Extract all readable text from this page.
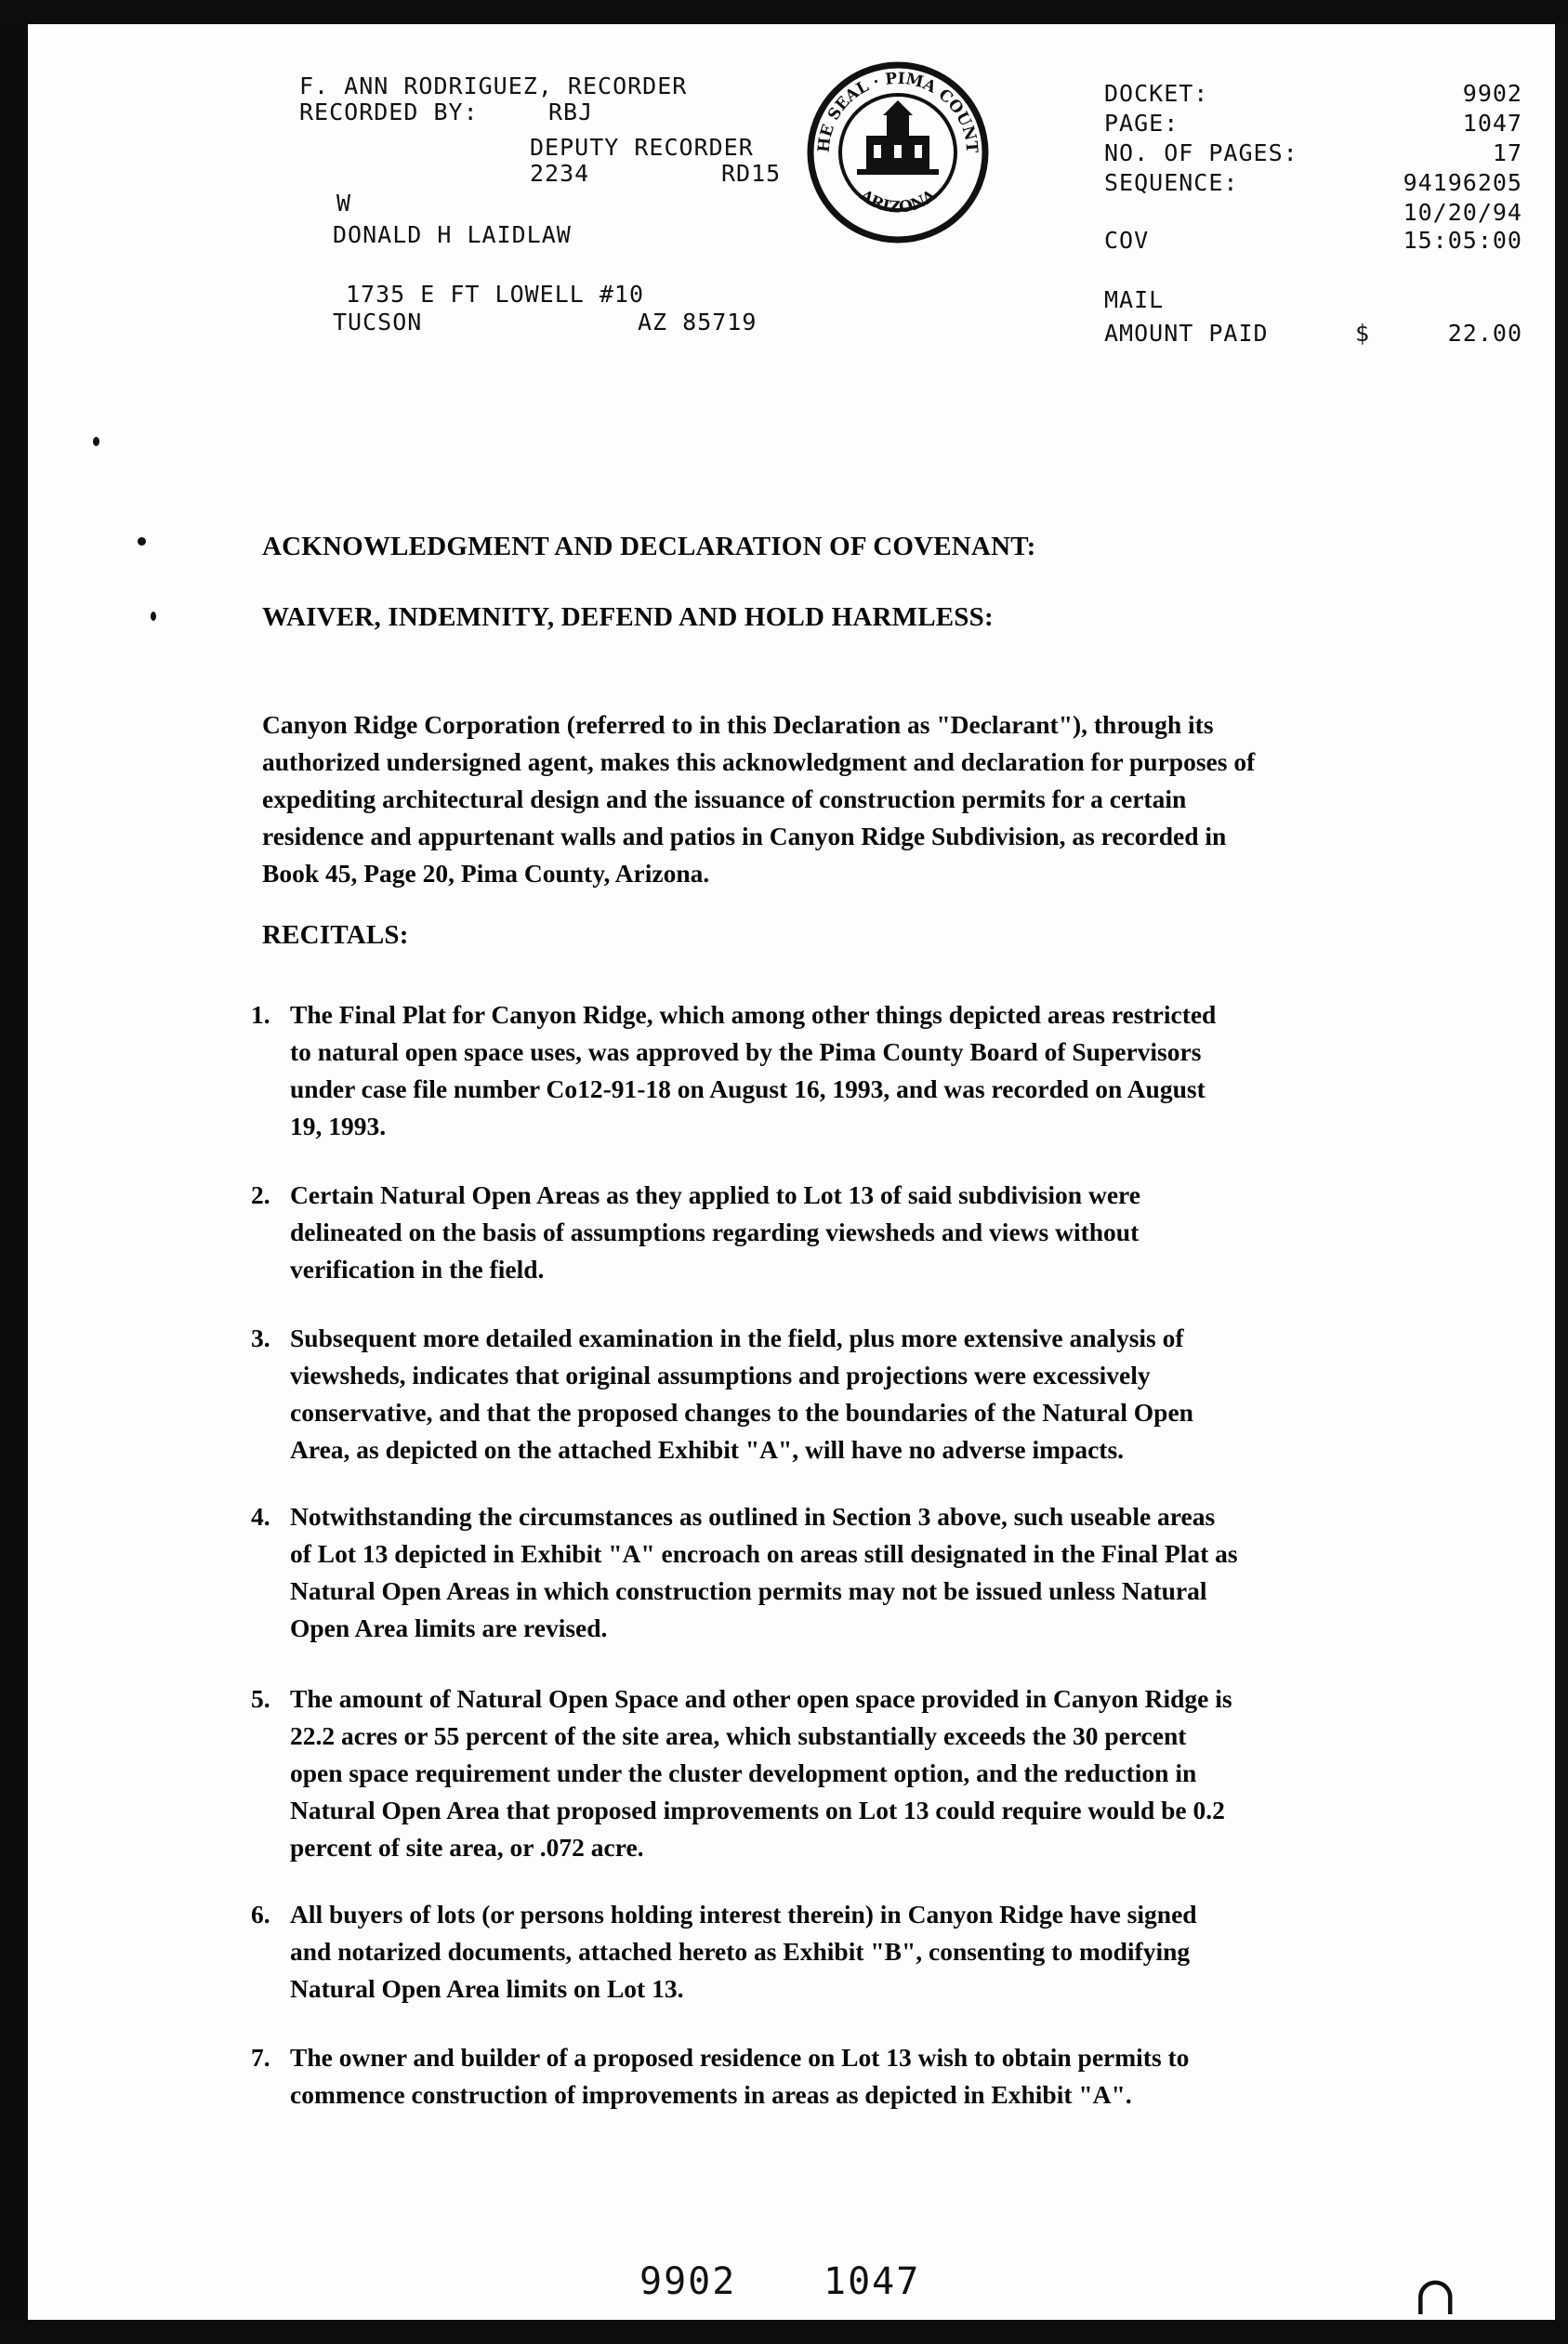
F. ANN RODRIGUEZ, RECORDER
RECORDED BY:	RBJ
DEPUTY RECORDER
2234	RD15
W
DONALD H LAIDLAW
1735 E FT LOWELL #10
TUCSON	AZ 85719
HE SEAL · PIMA COUNT
ARIZONA
DOCKET:	9902
PAGE:	1047
NO. OF PAGES:	17
SEQUENCE:	94196205
10/20/94
COV	15:05:00
MAIL
AMOUNT PAID	$	22.00
ACKNOWLEDGMENT AND DECLARATION OF COVENANT:
WAIVER, INDEMNITY, DEFEND AND HOLD HARMLESS:
Canyon Ridge Corporation (referred to in this Declaration as "Declarant"), through its
authorized undersigned agent, makes this acknowledgment and declaration for purposes of
expediting architectural design and the issuance of construction permits for a certain
residence and appurtenant walls and patios in Canyon Ridge Subdivision, as recorded in
Book 45, Page 20, Pima County, Arizona.
RECITALS:
1. The Final Plat for Canyon Ridge, which among other things depicted areas restricted
to natural open space uses, was approved by the Pima County Board of Supervisors
under case file number Co12-91-18 on August 16, 1993, and was recorded on August
19, 1993.
2. Certain Natural Open Areas as they applied to Lot 13 of said subdivision were
delineated on the basis of assumptions regarding viewsheds and views without
verification in the field.
3. Subsequent more detailed examination in the field, plus more extensive analysis of
viewsheds, indicates that original assumptions and projections were excessively
conservative, and that the proposed changes to the boundaries of the Natural Open
Area, as depicted on the attached Exhibit "A", will have no adverse impacts.
4. Notwithstanding the circumstances as outlined in Section 3 above, such useable areas
of Lot 13 depicted in Exhibit "A" encroach on areas still designated in the Final Plat as
Natural Open Areas in which construction permits may not be issued unless Natural
Open Area limits are revised.
5. The amount of Natural Open Space and other open space provided in Canyon Ridge is
22.2 acres or 55 percent of the site area, which substantially exceeds the 30 percent
open space requirement under the cluster development option, and the reduction in
Natural Open Area that proposed improvements on Lot 13 could require would be 0.2
percent of site area, or .072 acre.
6. All buyers of lots (or persons holding interest therein) in Canyon Ridge have signed
and notarized documents, attached hereto as Exhibit "B", consenting to modifying
Natural Open Area limits on Lot 13.
7. The owner and builder of a proposed residence on Lot 13 wish to obtain permits to
commence construction of improvements in areas as depicted in Exhibit "A".
9902 1047	∩
